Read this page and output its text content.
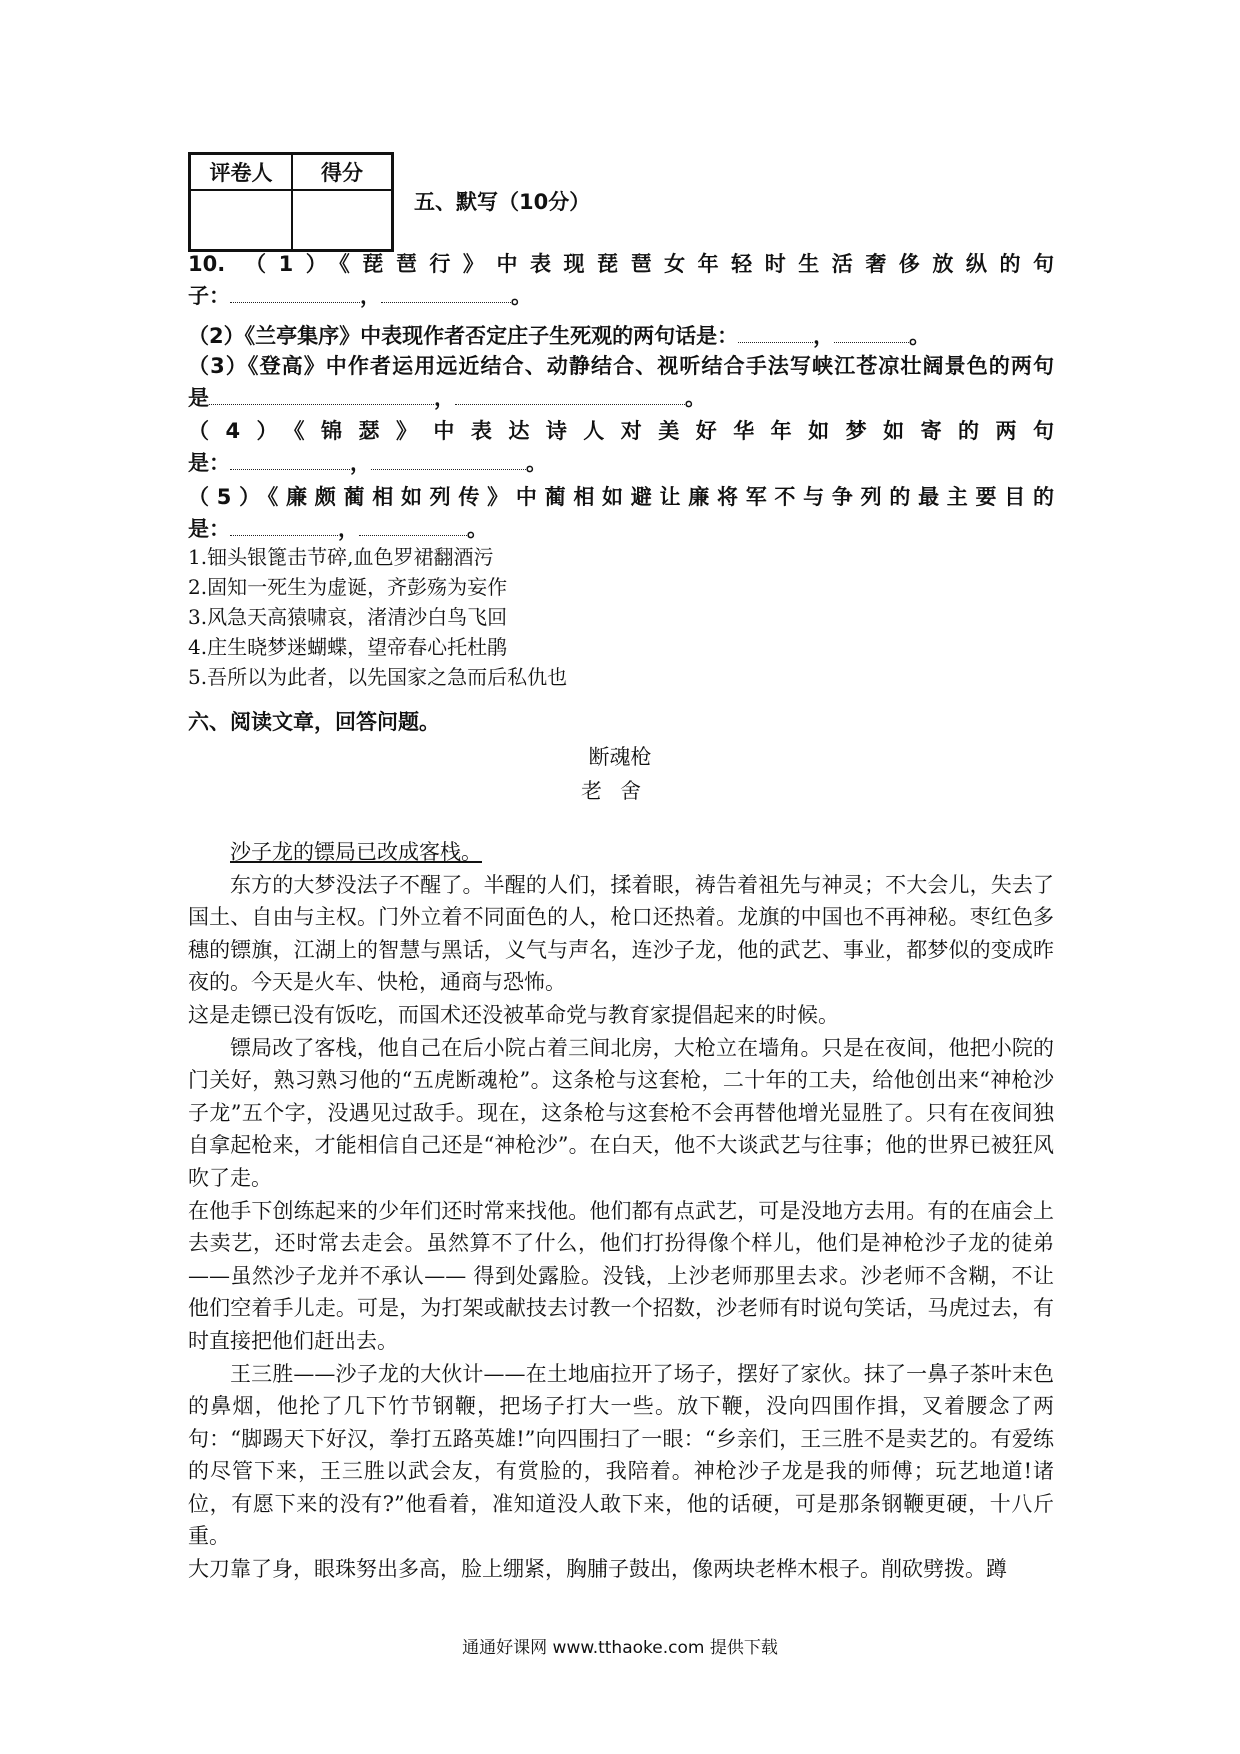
评卷人	得分

五、默写（10分）
10. （1）《琵琶行》中表现琵琶女年轻时生活奢侈放纵的句
子：	，	。
（2）《兰亭集序》中表现作者否定庄子生死观的两句话是：	，	。
（3）《登高》中作者运用远近结合、动静结合、视听结合手法写峡江苍凉壮阔景色的两句
是	，	。
（4）《锦瑟》中表达诗人对美好华年如梦如寄的两句
是：	，	。
（5）《廉颇蔺相如列传》中蔺相如避让廉将军不与争列的最主要目的
是：	，	。
1.钿头银篦击节碎,血色罗裙翻酒污
2.固知一死生为虚诞，齐彭殇为妄作
3.风急天高猿啸哀，渚清沙白鸟飞回
4.庄生晓梦迷蝴蝶，望帝春心托杜鹃
5.吾所以为此者，以先国家之急而后私仇也
六、阅读文章，回答问题。
断魂枪
老舍

沙子龙的镖局已改成客栈。

东方的大梦没法子不醒了。半醒的人们，揉着眼，祷告着祖先与神灵；不大会儿，失去了国土、自由与主权。门外立着不同面色的人，枪口还热着。龙旗的中国也不再神秘。枣红色多穗的镖旗，江湖上的智慧与黑话，义气与声名，连沙子龙，他的武艺、事业，都梦似的变成昨夜的。今天是火车、快枪，通商与恐怖。

这是走镖已没有饭吃，而国术还没被革命党与教育家提倡起来的时候。

镖局改了客栈，他自己在后小院占着三间北房，大枪立在墙角。只是在夜间，他把小院的门关好，熟习熟习他的“五虎断魂枪”。这条枪与这套枪，二十年的工夫，给他创出来“神枪沙子龙”五个字，没遇见过敌手。现在，这条枪与这套枪不会再替他增光显胜了。只有在夜间独自拿起枪来，才能相信自己还是“神枪沙”。在白天，他不大谈武艺与往事；他的世界已被狂风吹了走。

在他手下创练起来的少年们还时常来找他。他们都有点武艺，可是没地方去用。有的在庙会上去卖艺，还时常去走会。虽然算不了什么，他们打扮得像个样儿，他们是神枪沙子龙的徒弟——虽然沙子龙并不承认—— 得到处露脸。没钱，上沙老师那里去求。沙老师不含糊，不让他们空着手儿走。可是，为打架或献技去讨教一个招数，沙老师有时说句笑话，马虎过去，有时直接把他们赶出去。

王三胜——沙子龙的大伙计——在土地庙拉开了场子，摆好了家伙。抹了一鼻子茶叶末色的鼻烟，他抡了几下竹节钢鞭，把场子打大一些。放下鞭，没向四围作揖，叉着腰念了两句：“脚踢天下好汉，拳打五路英雄!”向四围扫了一眼：“乡亲们，王三胜不是卖艺的。有爱练的尽管下来，王三胜以武会友，有赏脸的，我陪着。神枪沙子龙是我的师傅；玩艺地道!诸位，有愿下来的没有?”他看着，准知道没人敢下来，他的话硬，可是那条钢鞭更硬，十八斤重。

大刀靠了身，眼珠努出多高，脸上绷紧，胸脯子鼓出，像两块老桦木根子。削砍劈拨。蹲

通通好课网 www.tthaoke.com 提供下载
